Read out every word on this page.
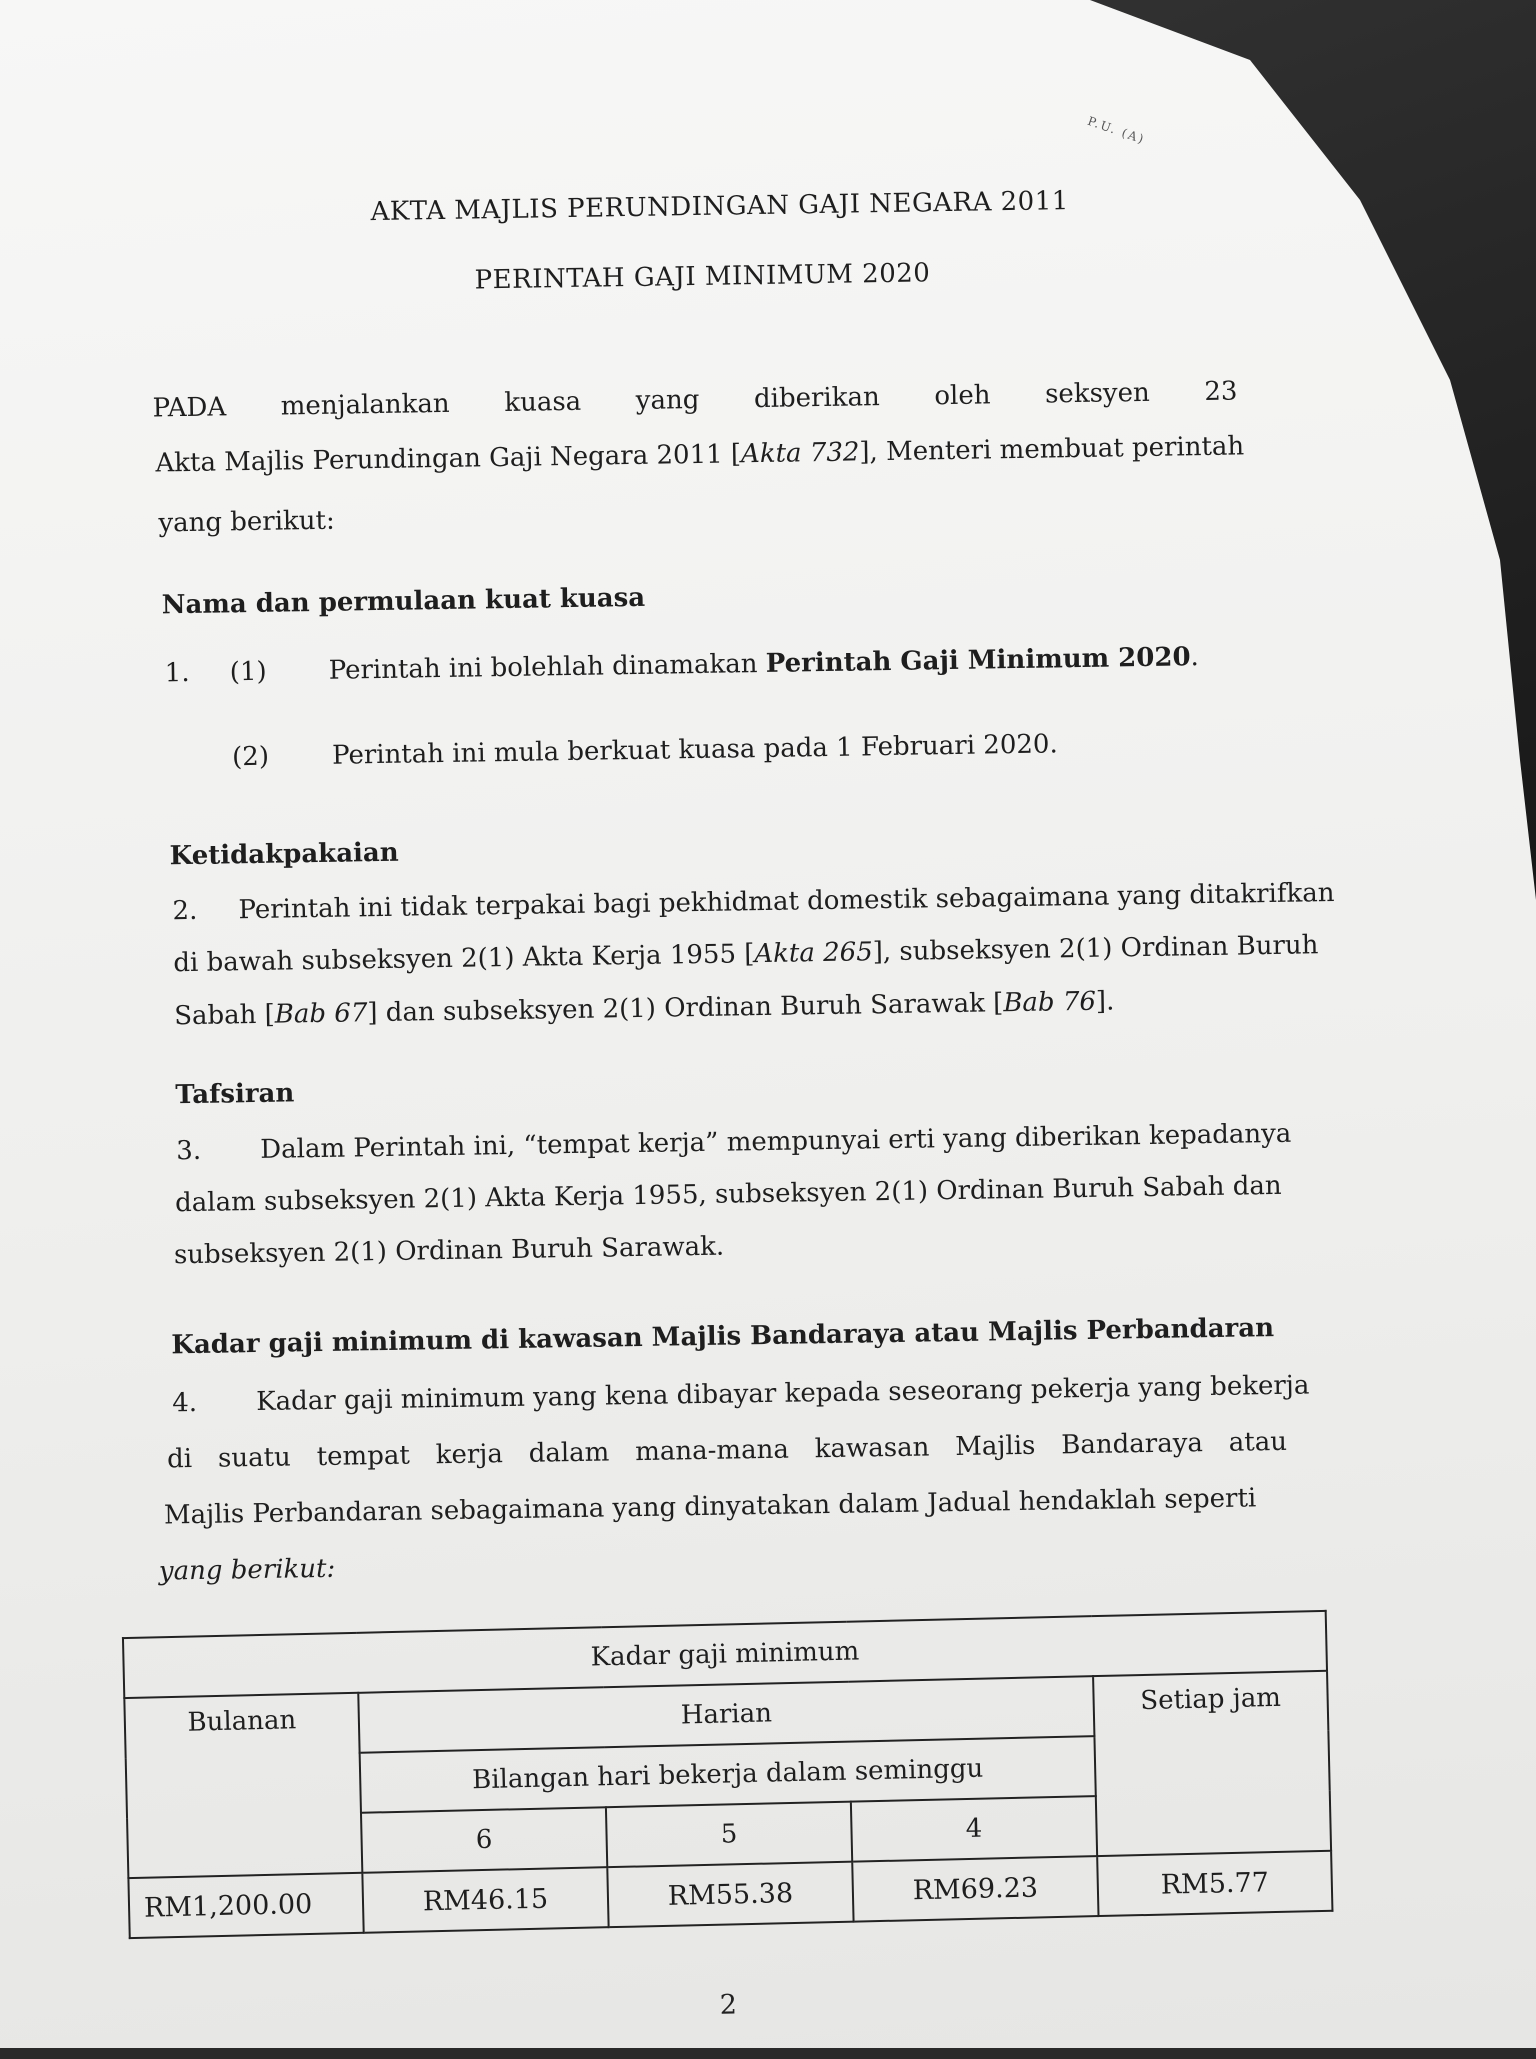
P.U. (A)
AKTA MAJLIS PERUNDINGAN GAJI NEGARA 2011
PERINTAH GAJI MINIMUM 2020
PADA menjalankan kuasa yang diberikan oleh seksyen 23
Akta Majlis Perundingan Gaji Negara 2011 [Akta 732], Menteri membuat perintah
yang berikut:
Nama dan permulaan kuat kuasa
1. (1) Perintah ini bolehlah dinamakan Perintah Gaji Minimum 2020.
(2) Perintah ini mula berkuat kuasa pada 1 Februari 2020.
Ketidakpakaian
2. Perintah ini tidak terpakai bagi pekhidmat domestik sebagaimana yang ditakrifkan
di bawah subseksyen 2(1) Akta Kerja 1955 [Akta 265], subseksyen 2(1) Ordinan Buruh
Sabah [Bab 67] dan subseksyen 2(1) Ordinan Buruh Sarawak [Bab 76].
Tafsiran
3. Dalam Perintah ini, “tempat kerja” mempunyai erti yang diberikan kepadanya
dalam subseksyen 2(1) Akta Kerja 1955, subseksyen 2(1) Ordinan Buruh Sabah dan
subseksyen 2(1) Ordinan Buruh Sarawak.
Kadar gaji minimum di kawasan Majlis Bandaraya atau Majlis Perbandaran
4. Kadar gaji minimum yang kena dibayar kepada seseorang pekerja yang bekerja
di suatu tempat kerja dalam mana-mana kawasan Majlis Bandaraya atau
Majlis Perbandaran sebagaimana yang dinyatakan dalam Jadual hendaklah seperti
yang berikut:
Kadar gaji minimum				
Bulanan	Harian			Setiap jam
	Bilangan hari bekerja dalam seminggu			
	6	5	4	
RM1,200.00	RM46.15	RM55.38	RM69.23	RM5.77
2
